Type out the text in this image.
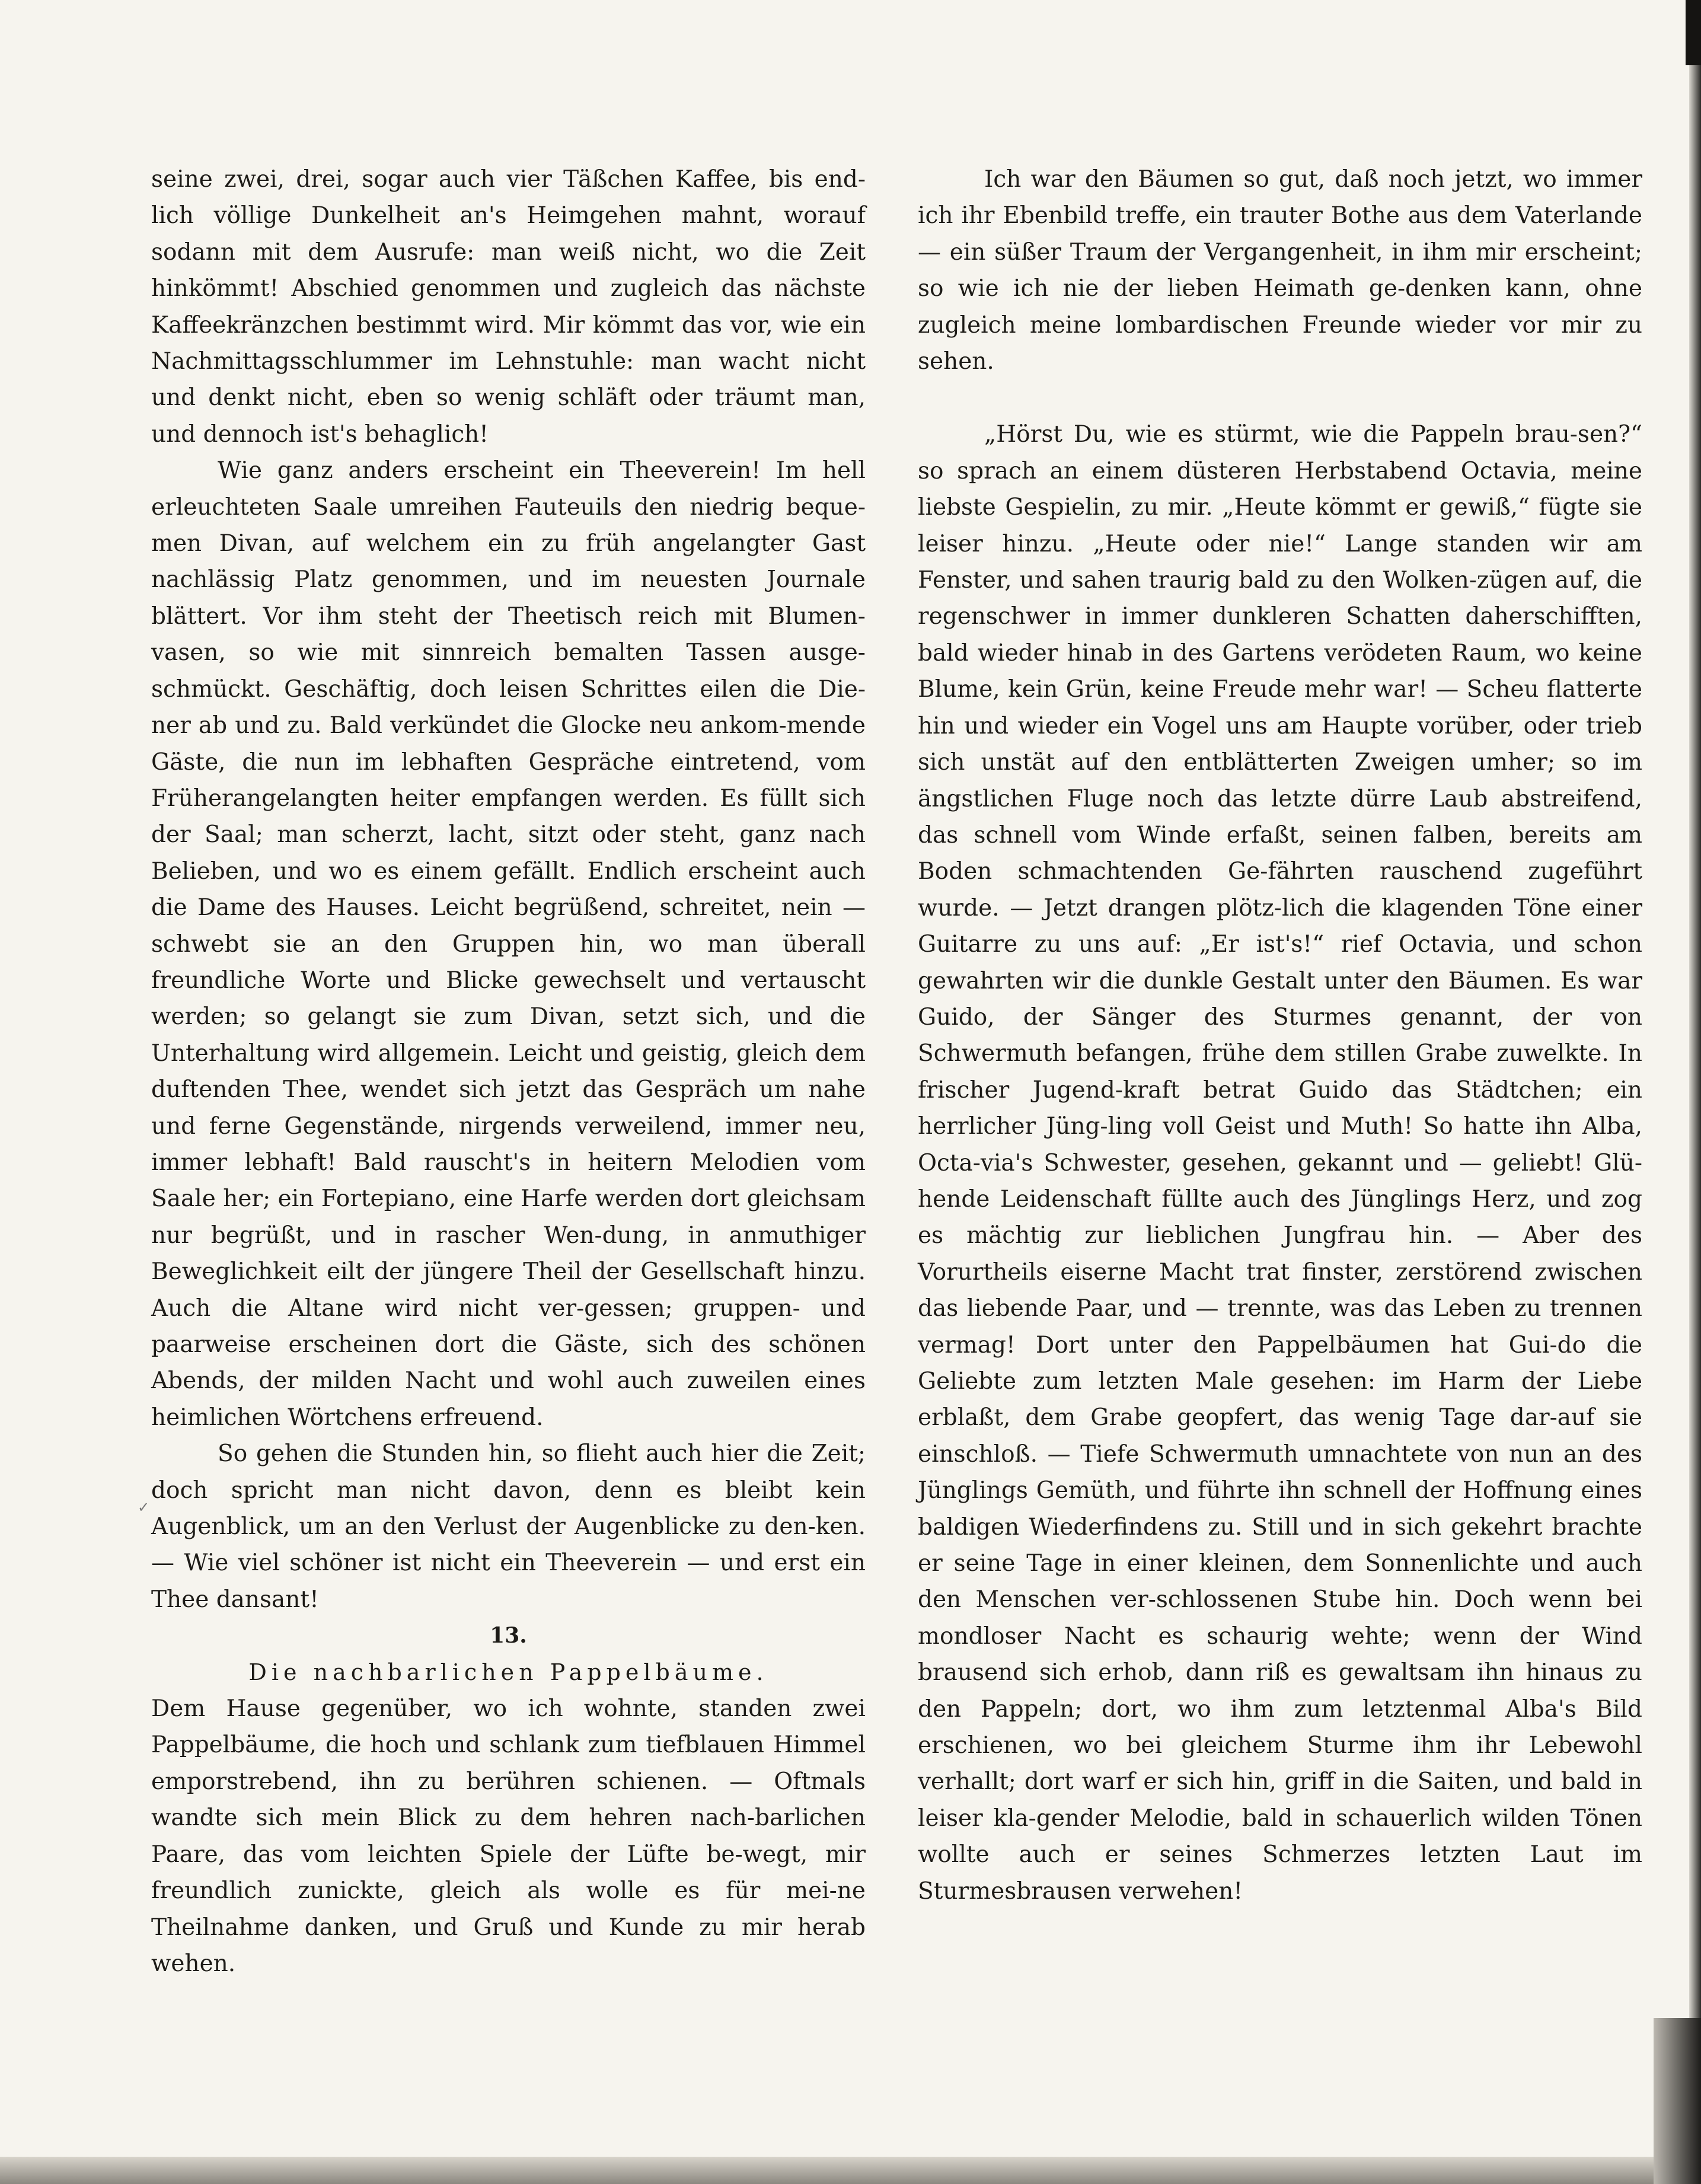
✓

seine zwei, drei, sogar auch vier Täßchen Kaffee, bis end-lich völlige Dunkelheit an's Heimgehen mahnt, worauf sodann mit dem Ausrufe: man weiß nicht, wo die Zeit hinkömmt! Abschied genommen und zugleich das nächste Kaffeekränzchen bestimmt wird. Mir kömmt das vor, wie ein Nachmittagsschlummer im Lehnstuhle: man wacht nicht und denkt nicht, eben so wenig schläft oder träumt man, und dennoch ist's behaglich!

Wie ganz anders erscheint ein Theeverein! Im hell erleuchteten Saale umreihen Fauteuils den niedrig beque-men Divan, auf welchem ein zu früh angelangter Gast nachlässig Platz genommen, und im neuesten Journale blättert. Vor ihm steht der Theetisch reich mit Blumen-vasen, so wie mit sinnreich bemalten Tassen ausge-schmückt. Geschäftig, doch leisen Schrittes eilen die Die-ner ab und zu. Bald verkündet die Glocke neu ankom-mende Gäste, die nun im lebhaften Gespräche eintretend, vom Früherangelangten heiter empfangen werden. Es füllt sich der Saal; man scherzt, lacht, sitzt oder steht, ganz nach Belieben, und wo es einem gefällt. Endlich erscheint auch die Dame des Hauses. Leicht begrüßend, schreitet, nein — schwebt sie an den Gruppen hin, wo man überall freundliche Worte und Blicke gewechselt und vertauscht werden; so gelangt sie zum Divan, setzt sich, und die Unterhaltung wird allgemein. Leicht und geistig, gleich dem duftenden Thee, wendet sich jetzt das Gespräch um nahe und ferne Gegenstände, nirgends verweilend, immer neu, immer lebhaft! Bald rauscht's in heitern Melodien vom Saale her; ein Fortepiano, eine Harfe werden dort gleichsam nur begrüßt, und in rascher Wen-dung, in anmuthiger Beweglichkeit eilt der jüngere Theil der Gesellschaft hinzu. Auch die Altane wird nicht ver-gessen; gruppen- und paarweise erscheinen dort die Gäste, sich des schönen Abends, der milden Nacht und wohl auch zuweilen eines heimlichen Wörtchens erfreuend.

So gehen die Stunden hin, so flieht auch hier die Zeit; doch spricht man nicht davon, denn es bleibt kein Augenblick, um an den Verlust der Augenblicke zu den-ken. — Wie viel schöner ist nicht ein Theeverein — und erst ein Thee dansant!

13.

Die nachbarlichen Pappelbäume.

Dem Hause gegenüber, wo ich wohnte, standen zwei Pappelbäume, die hoch und schlank zum tiefblauen Himmel emporstrebend, ihn zu berühren schienen. — Oftmals wandte sich mein Blick zu dem hehren nach-barlichen Paare, das vom leichten Spiele der Lüfte be-wegt, mir freundlich zunickte, gleich als wolle es für mei-ne Theilnahme danken, und Gruß und Kunde zu mir herab wehen.

Ich war den Bäumen so gut, daß noch jetzt, wo immer ich ihr Ebenbild treffe, ein trauter Bothe aus dem Vaterlande — ein süßer Traum der Vergangenheit, in ihm mir erscheint; so wie ich nie der lieben Heimath ge-denken kann, ohne zugleich meine lombardischen Freunde wieder vor mir zu sehen.

„Hörst Du, wie es stürmt, wie die Pappeln brau-sen?“ so sprach an einem düsteren Herbstabend Octavia, meine liebste Gespielin, zu mir. „Heute kömmt er gewiß,“ fügte sie leiser hinzu. „Heute oder nie!“ Lange standen wir am Fenster, und sahen traurig bald zu den Wolken-zügen auf, die regenschwer in immer dunkleren Schatten daherschifften, bald wieder hinab in des Gartens verödeten Raum, wo keine Blume, kein Grün, keine Freude mehr war! — Scheu flatterte hin und wieder ein Vogel uns am Haupte vorüber, oder trieb sich unstät auf den entblätterten Zweigen umher; so im ängstlichen Fluge noch das letzte dürre Laub abstreifend, das schnell vom Winde erfaßt, seinen falben, bereits am Boden schmachtenden Ge-fährten rauschend zugeführt wurde. — Jetzt drangen plötz-lich die klagenden Töne einer Guitarre zu uns auf: „Er ist's!“ rief Octavia, und schon gewahrten wir die dunkle Gestalt unter den Bäumen. Es war Guido, der Sänger des Sturmes genannt, der von Schwermuth befangen, frühe dem stillen Grabe zuwelkte. In frischer Jugend-kraft betrat Guido das Städtchen; ein herrlicher Jüng-ling voll Geist und Muth! So hatte ihn Alba, Octa-via's Schwester, gesehen, gekannt und — geliebt! Glü-hende Leidenschaft füllte auch des Jünglings Herz, und zog es mächtig zur lieblichen Jungfrau hin. — Aber des Vorurtheils eiserne Macht trat finster, zerstörend zwischen das liebende Paar, und — trennte, was das Leben zu trennen vermag! Dort unter den Pappelbäumen hat Gui-do die Geliebte zum letzten Male gesehen: im Harm der Liebe erblaßt, dem Grabe geopfert, das wenig Tage dar-auf sie einschloß. — Tiefe Schwermuth umnachtete von nun an des Jünglings Gemüth, und führte ihn schnell der Hoffnung eines baldigen Wiederfindens zu. Still und in sich gekehrt brachte er seine Tage in einer kleinen, dem Sonnenlichte und auch den Menschen ver-schlossenen Stube hin. Doch wenn bei mondloser Nacht es schaurig wehte; wenn der Wind brausend sich erhob, dann riß es gewaltsam ihn hinaus zu den Pappeln; dort, wo ihm zum letztenmal Alba's Bild erschienen, wo bei gleichem Sturme ihm ihr Lebewohl verhallt; dort warf er sich hin, griff in die Saiten, und bald in leiser kla-gender Melodie, bald in schauerlich wilden Tönen wollte auch er seines Schmerzes letzten Laut im Sturmesbrausen verwehen!
